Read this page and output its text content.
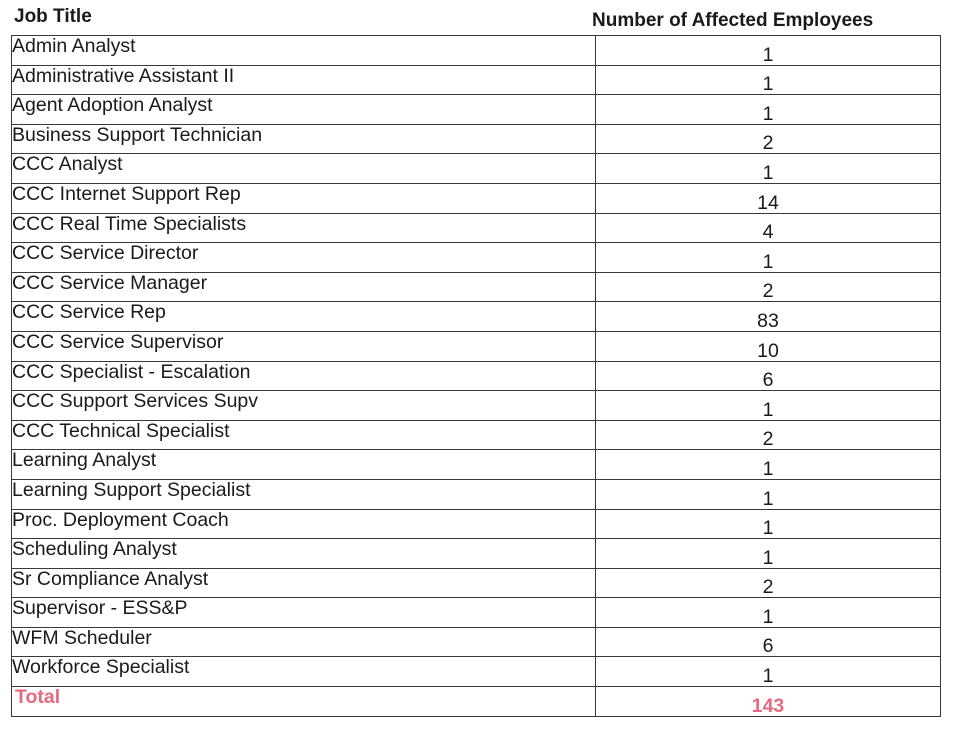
Job Title	Number of Affected Employees
Admin Analyst	1
Administrative Assistant II	1
Agent Adoption Analyst	1
Business Support Technician	2
CCC Analyst	1
CCC Internet Support Rep	14
CCC Real Time Specialists	4
CCC Service Director	1
CCC Service Manager	2
CCC Service Rep	83
CCC Service Supervisor	10
CCC Specialist - Escalation	6
CCC Support Services Supv	1
CCC Technical Specialist	2
Learning Analyst	1
Learning Support Specialist	1
Proc. Deployment Coach	1
Scheduling Analyst	1
Sr Compliance Analyst	2
Supervisor - ESS&P	1
WFM Scheduler	6
Workforce Specialist	1
Total	143
